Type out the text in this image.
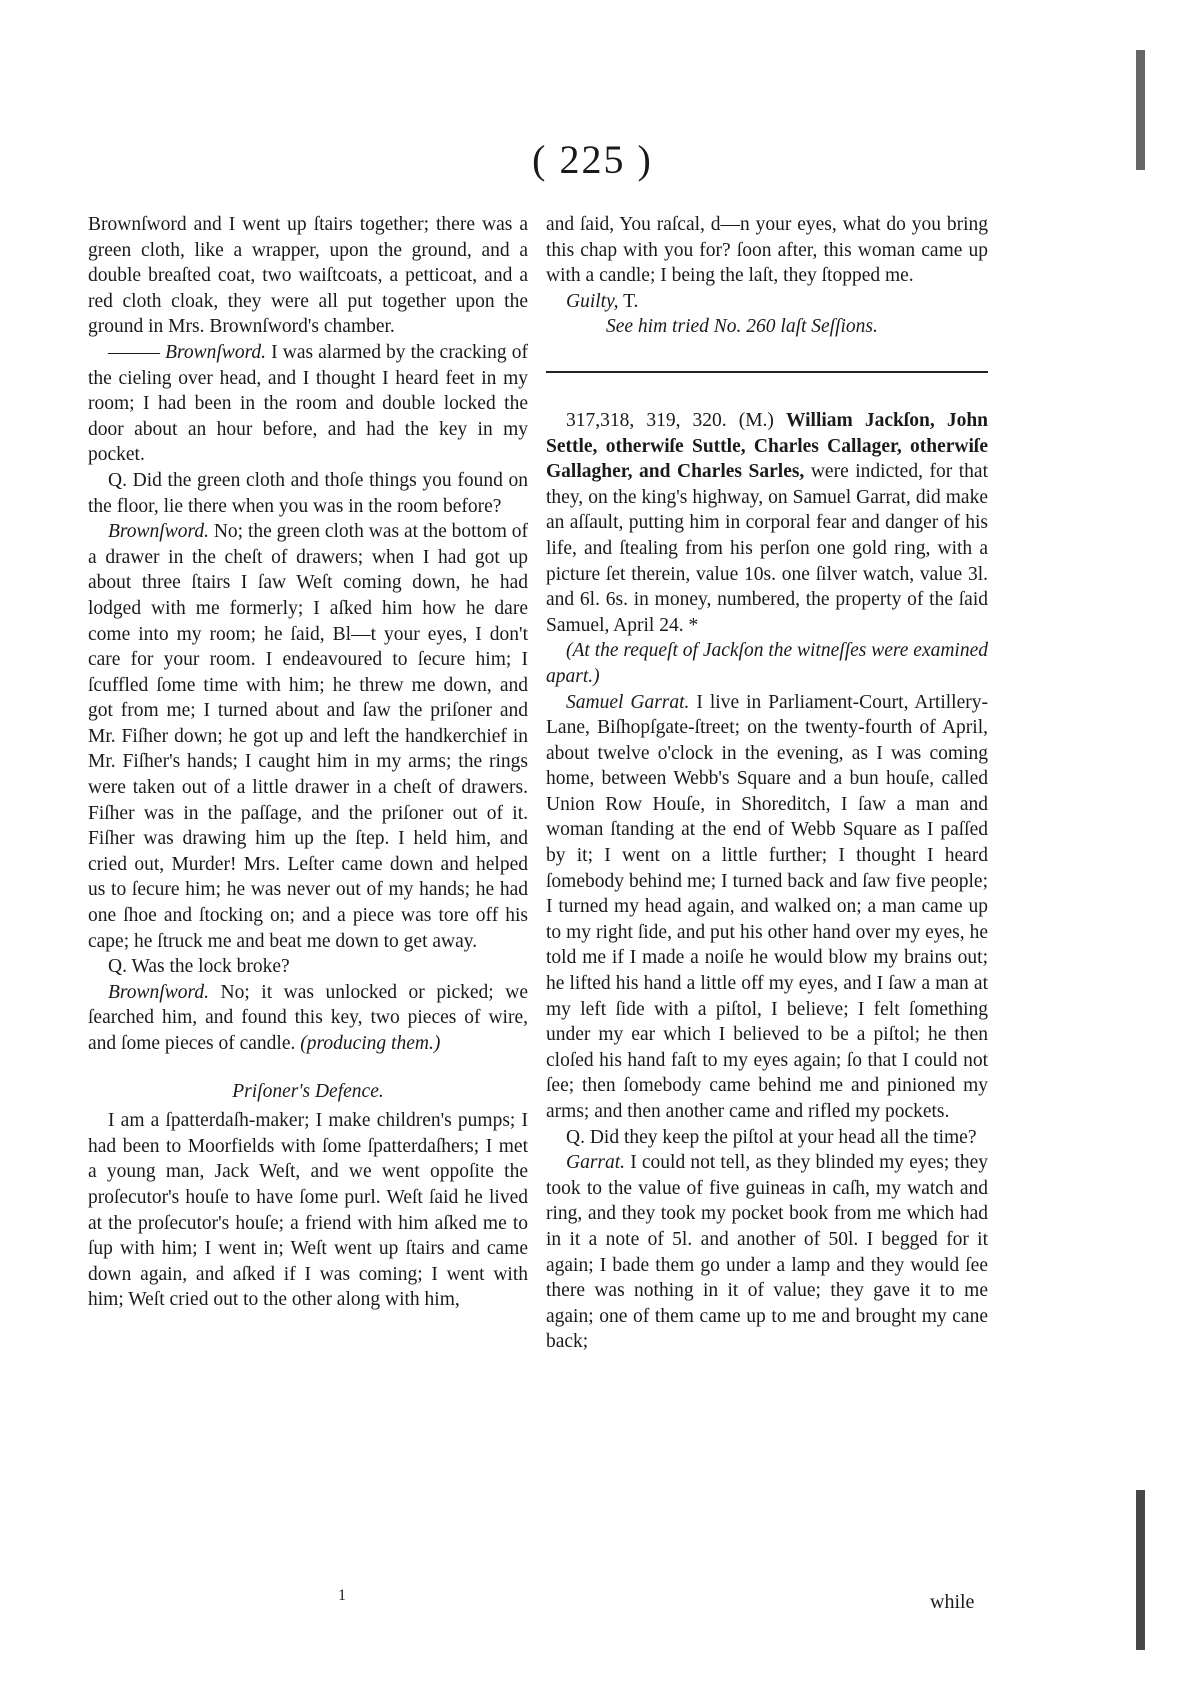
( 225 )

Brownſword and I went up ſtairs together; there was a green cloth, like a wrapper, upon the ground, and a double breaſted coat, two waiſtcoats, a petticoat, and a red cloth cloak, they were all put together upon the ground in Mrs. Brownſword's chamber.

——— Brownſword. I was alarmed by the cracking of the cieling over head, and I thought I heard feet in my room; I had been in the room and double locked the door about an hour before, and had the key in my pocket.

Q. Did the green cloth and thoſe things you found on the floor, lie there when you was in the room before?

Brownſword. No; the green cloth was at the bottom of a drawer in the cheſt of drawers; when I had got up about three ſtairs I ſaw Weſt coming down, he had lodged with me formerly; I aſked him how he dare come into my room; he ſaid, Bl—t your eyes, I don't care for your room. I endeavoured to ſecure him; I ſcuffled ſome time with him; he threw me down, and got from me; I turned about and ſaw the priſoner and Mr. Fiſher down; he got up and left the handkerchief in Mr. Fiſher's hands; I caught him in my arms; the rings were taken out of a little drawer in a cheſt of drawers. Fiſher was in the paſſage, and the priſoner out of it. Fiſher was drawing him up the ſtep. I held him, and cried out, Murder! Mrs. Leſter came down and helped us to ſecure him; he was never out of my hands; he had one ſhoe and ſtocking on; and a piece was tore off his cape; he ſtruck me and beat me down to get away.

Q. Was the lock broke?

Brownſword. No; it was unlocked or picked; we ſearched him, and found this key, two pieces of wire, and ſome pieces of candle. (producing them.)

Priſoner's Defence.

I am a ſpatterdaſh-maker; I make children's pumps; I had been to Moorfields with ſome ſpatterdaſhers; I met a young man, Jack Weſt, and we went oppoſite the proſecutor's houſe to have ſome purl. Weſt ſaid he lived at the proſecutor's houſe; a friend with him aſked me to ſup with him; I went in; Weſt went up ſtairs and came down again, and aſked if I was coming; I went with him; Weſt cried out to the other along with him,

and ſaid, You raſcal, d—n your eyes, what do you bring this chap with you for? ſoon after, this woman came up with a candle; I being the laſt, they ſtopped me.

Guilty, T.

See him tried No. 260 laſt Seſſions.

317,318, 319, 320. (M.) William Jackſon, John Settle, otherwiſe Suttle, Charles Callager, otherwiſe Gallagher, and Charles Sarles, were indicted, for that they, on the king's highway, on Samuel Garrat, did make an aſſault, putting him in corporal fear and danger of his life, and ſtealing from his perſon one gold ring, with a picture ſet therein, value 10s. one ſilver watch, value 3l. and 6l. 6s. in money, numbered, the property of the ſaid Samuel, April 24. *

(At the requeſt of Jackſon the witneſſes were examined apart.)

Samuel Garrat. I live in Parliament-Court, Artillery-Lane, Biſhopſgate-ſtreet; on the twenty-fourth of April, about twelve o'clock in the evening, as I was coming home, between Webb's Square and a bun houſe, called Union Row Houſe, in Shoreditch, I ſaw a man and woman ſtanding at the end of Webb Square as I paſſed by it; I went on a little further; I thought I heard ſomebody behind me; I turned back and ſaw five people; I turned my head again, and walked on; a man came up to my right ſide, and put his other hand over my eyes, he told me if I made a noiſe he would blow my brains out; he lifted his hand a little off my eyes, and I ſaw a man at my left ſide with a piſtol, I believe; I felt ſomething under my ear which I believed to be a piſtol; he then cloſed his hand faſt to my eyes again; ſo that I could not ſee; then ſomebody came behind me and pinioned my arms; and then another came and rifled my pockets.

Q. Did they keep the piſtol at your head all the time?

Garrat. I could not tell, as they blinded my eyes; they took to the value of five guineas in caſh, my watch and ring, and they took my pocket book from me which had in it a note of 5l. and another of 50l. I begged for it again; I bade them go under a lamp and they would ſee there was nothing in it of value; they gave it to me again; one of them came up to me and brought my cane back;

1	while
